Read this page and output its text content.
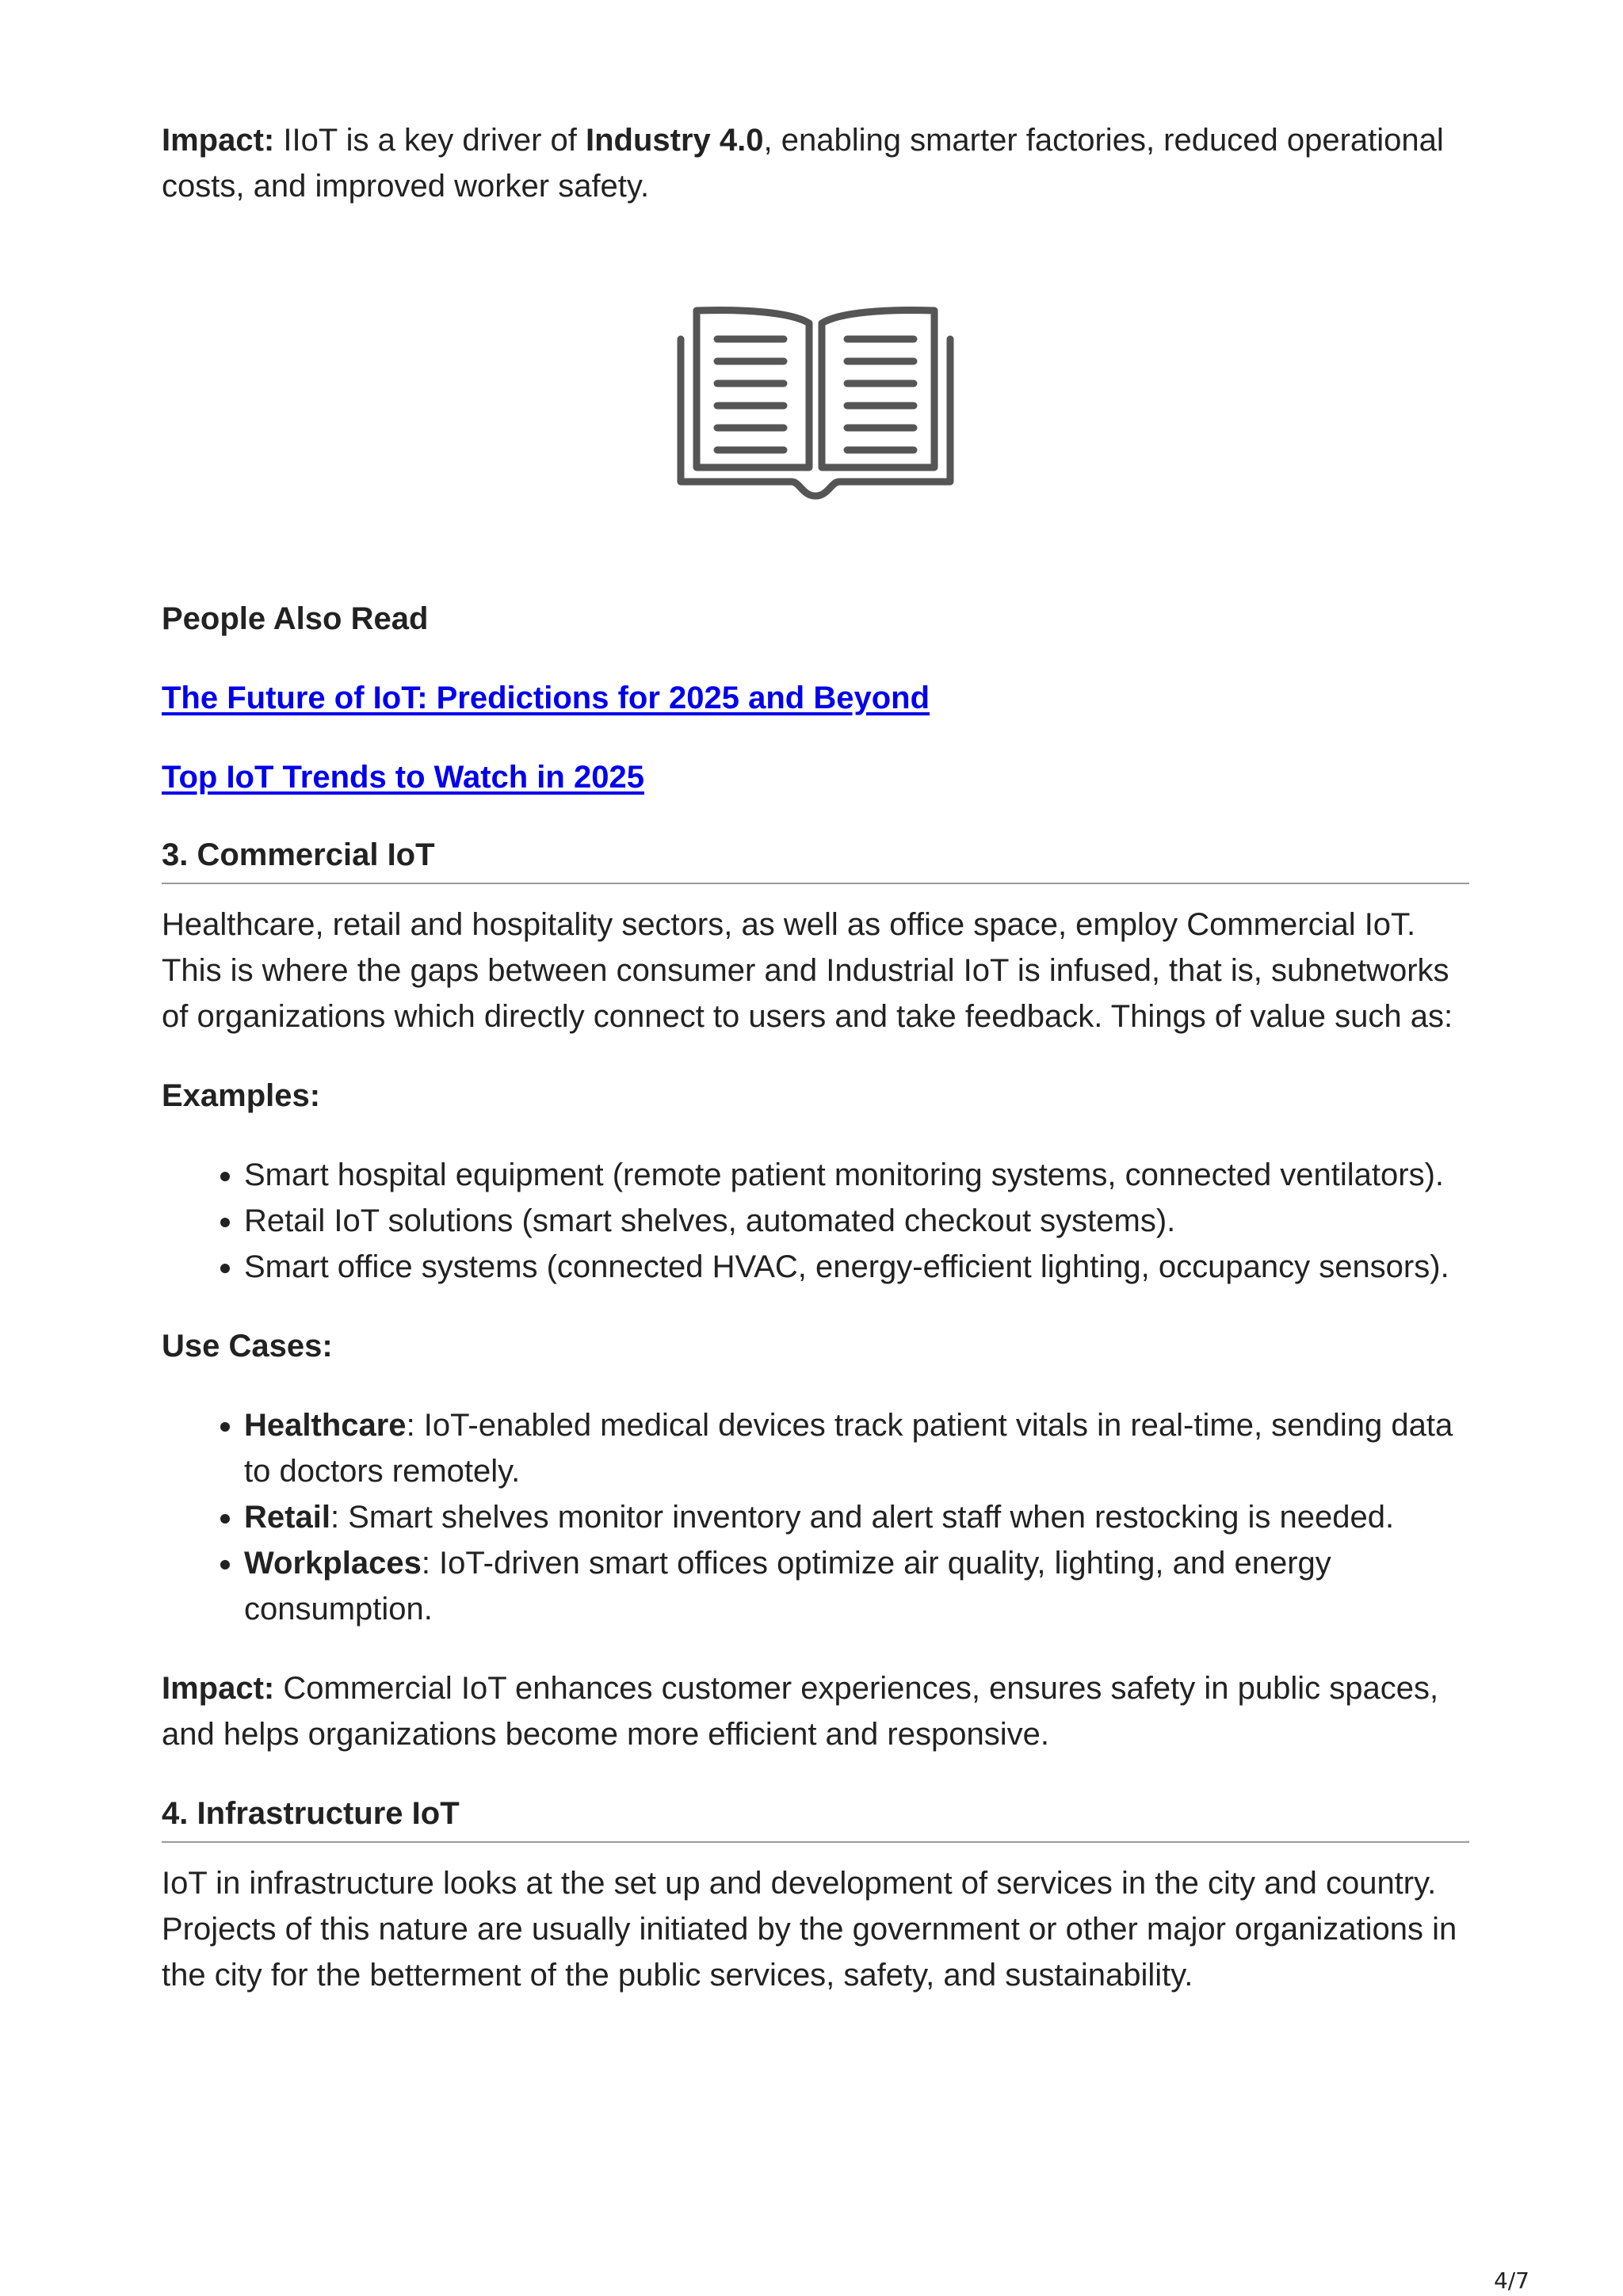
Impact: IIoT is a key driver of Industry 4.0, enabling smarter factories, reduced operational costs, and improved worker safety.

People Also Read

The Future of IoT: Predictions for 2025 and Beyond

Top IoT Trends to Watch in 2025

3. Commercial IoT

Healthcare, retail and hospitality sectors, as well as office space, employ Commercial IoT. This is where the gaps between consumer and Industrial IoT is infused, that is, subnetworks of organizations which directly connect to users and take feedback. Things of value such as:

Examples:

• Smart hospital equipment (remote patient monitoring systems, connected ventilators).
• Retail IoT solutions (smart shelves, automated checkout systems).
• Smart office systems (connected HVAC, energy-efficient lighting, occupancy sensors).

Use Cases:

• Healthcare: IoT-enabled medical devices track patient vitals in real-time, sending data to doctors remotely.
• Retail: Smart shelves monitor inventory and alert staff when restocking is needed.
• Workplaces: IoT-driven smart offices optimize air quality, lighting, and energy consumption.

Impact: Commercial IoT enhances customer experiences, ensures safety in public spaces, and helps organizations become more efficient and responsive.

4. Infrastructure IoT

IoT in infrastructure looks at the set up and development of services in the city and country. Projects of this nature are usually initiated by the government or other major organizations in the city for the betterment of the public services, safety, and sustainability.

4/7
